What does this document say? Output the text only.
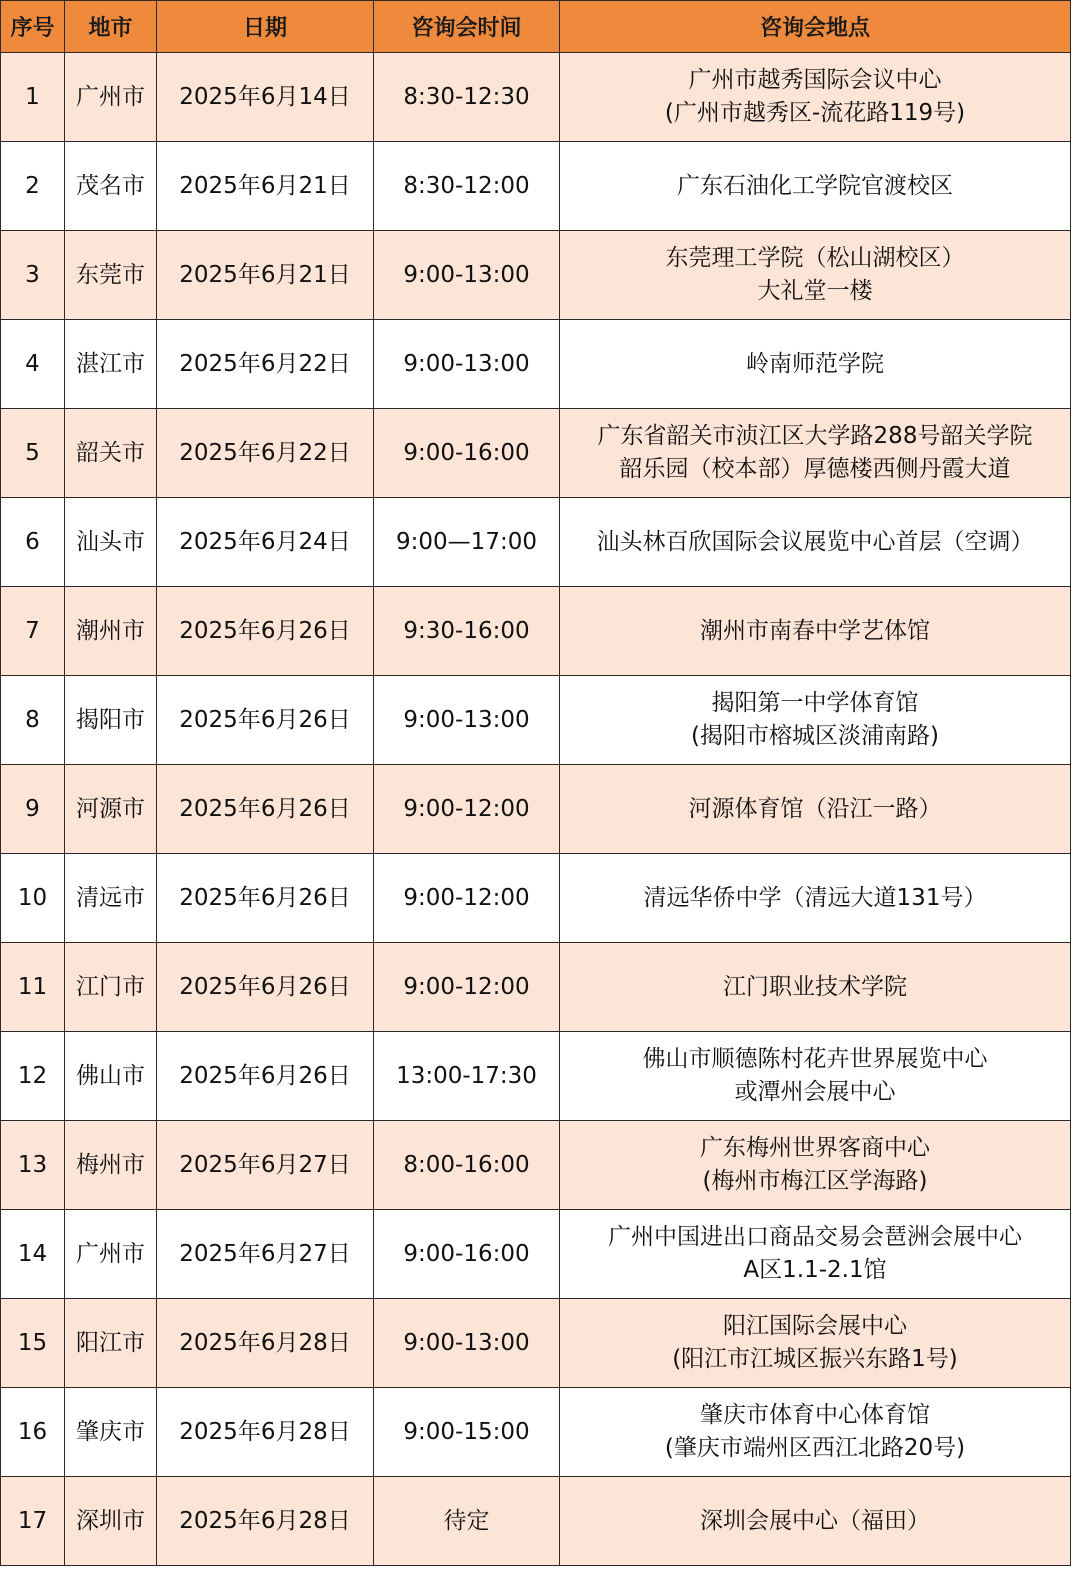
序号	地市	日期	咨询会时间	咨询会地点
1	广州市	2025年6月14日	8:30-12:30	广州市越秀国际会议中心
(广州市越秀区-流花路119号)

2	茂名市	2025年6月21日	8:30-12:00	广东石油化工学院官渡校区

3	东莞市	2025年6月21日	9:00-13:00	东莞理工学院（松山湖校区）
大礼堂一楼

4	湛江市	2025年6月22日	9:00-13:00	岭南师范学院

5	韶关市	2025年6月22日	9:00-16:00	广东省韶关市浈江区大学路288号韶关学院
韶乐园（校本部）厚德楼西侧丹霞大道

6	汕头市	2025年6月24日	9:00—17:00	汕头林百欣国际会议展览中心首层（空调）

7	潮州市	2025年6月26日	9:30-16:00	潮州市南春中学艺体馆

8	揭阳市	2025年6月26日	9:00-13:00	揭阳第一中学体育馆
(揭阳市榕城区淡浦南路)

9	河源市	2025年6月26日	9:00-12:00	河源体育馆（沿江一路）

10	清远市	2025年6月26日	9:00-12:00	清远华侨中学（清远大道131号）

11	江门市	2025年6月26日	9:00-12:00	江门职业技术学院

12	佛山市	2025年6月26日	13:00-17:30	佛山市顺德陈村花卉世界展览中心
或潭州会展中心

13	梅州市	2025年6月27日	8:00-16:00	广东梅州世界客商中心
(梅州市梅江区学海路)

14	广州市	2025年6月27日	9:00-16:00	广州中国进出口商品交易会琶洲会展中心
A区1.1-2.1馆

15	阳江市	2025年6月28日	9:00-13:00	阳江国际会展中心
(阳江市江城区振兴东路1号)

16	肇庆市	2025年6月28日	9:00-15:00	肇庆市体育中心体育馆
(肇庆市端州区西江北路20号)

17	深圳市	2025年6月28日	待定	深圳会展中心（福田）
